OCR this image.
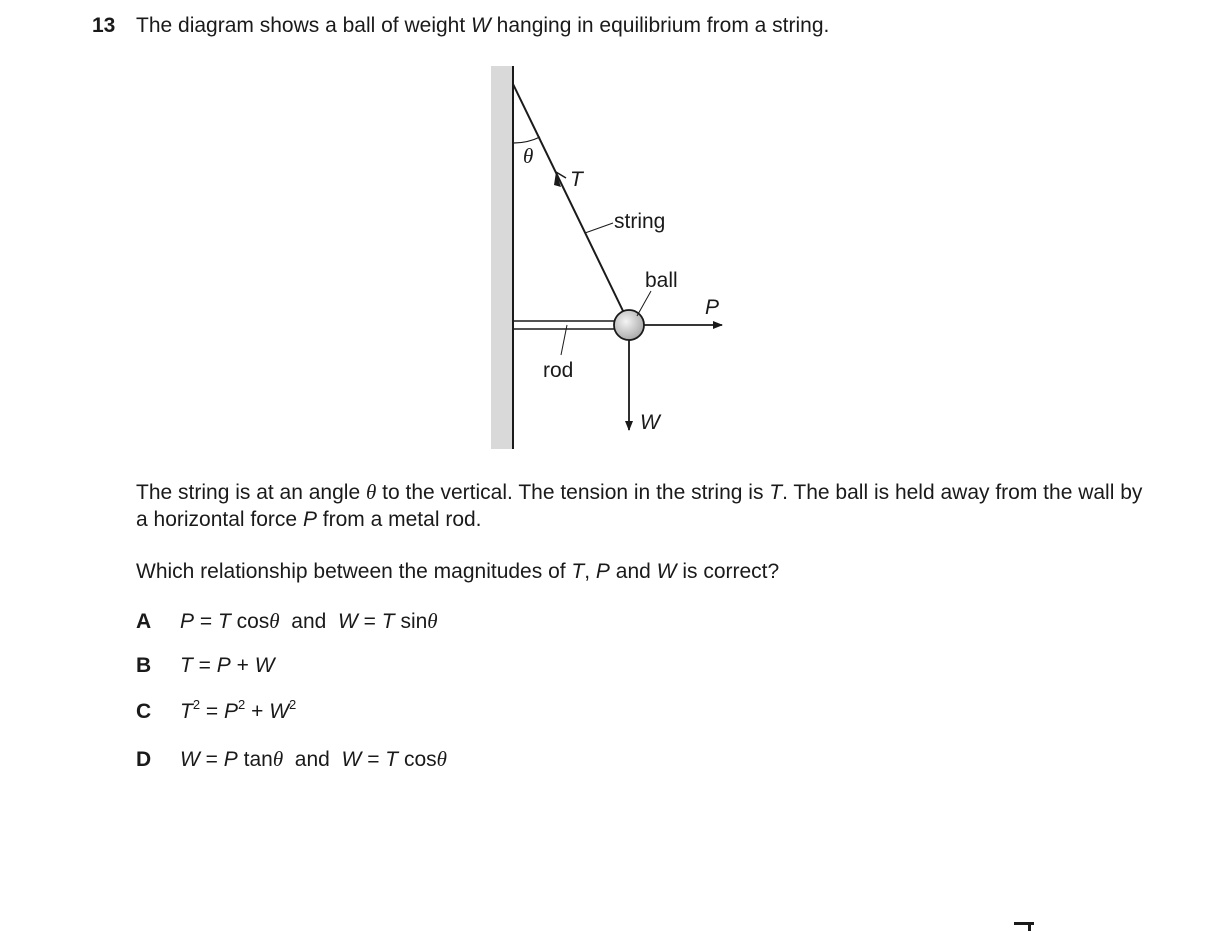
13 The diagram shows a ball of weight W hanging in equilibrium from a string.
θ
T
string
ball
P
rod
W

The string is at an angle θ to the vertical. The tension in the string is T. The ball is held away from the wall by a horizontal force P from a metal rod.

Which relationship between the magnitudes of T, P and W is correct?

A P = T cosθ  and  W = T sinθ
B T = P + W
C $T^2 = P^2 + W^2$
D W = P tanθ  and  W = T cosθ
